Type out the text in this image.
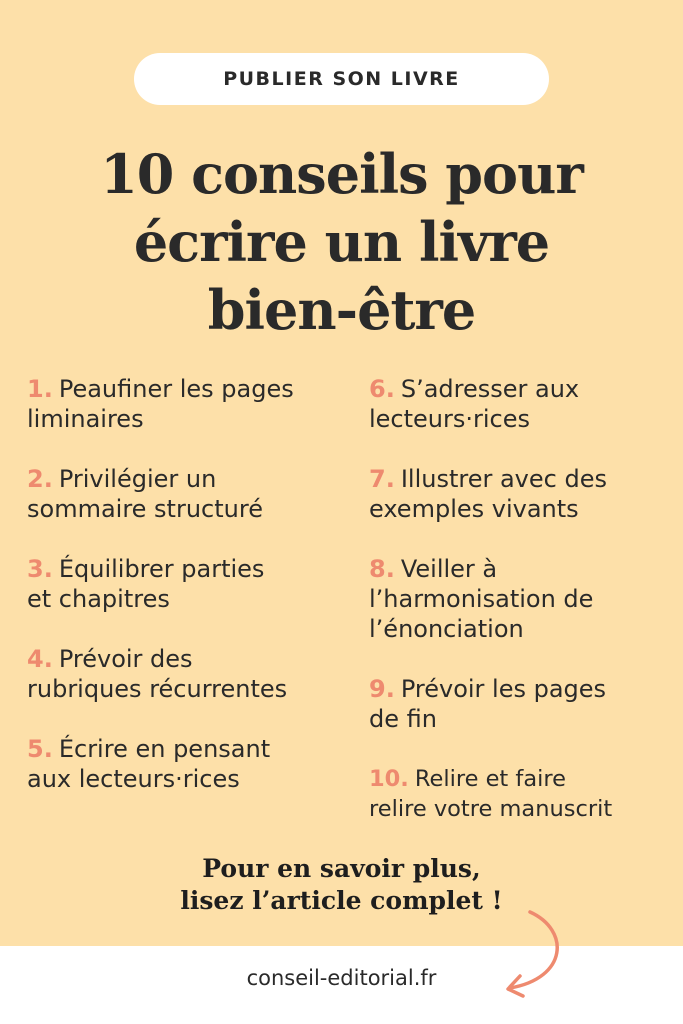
PUBLIER SON LIVRE
10 conseils pour
écrire un livre
bien-être
1. Peaufiner les pages
liminaires
2. Privilégier un
sommaire structuré
3. Équilibrer parties
et chapitres
4. Prévoir des
rubriques récurrentes
5. Écrire en pensant
aux lecteurs·rices
6. S’adresser aux
lecteurs·rices
7. Illustrer avec des
exemples vivants
8. Veiller à
l’harmonisation de
l’énonciation
9. Prévoir les pages
de fin
10. Relire et faire
relire votre manuscrit
Pour en savoir plus,
lisez l’article complet !
conseil-editorial.fr
